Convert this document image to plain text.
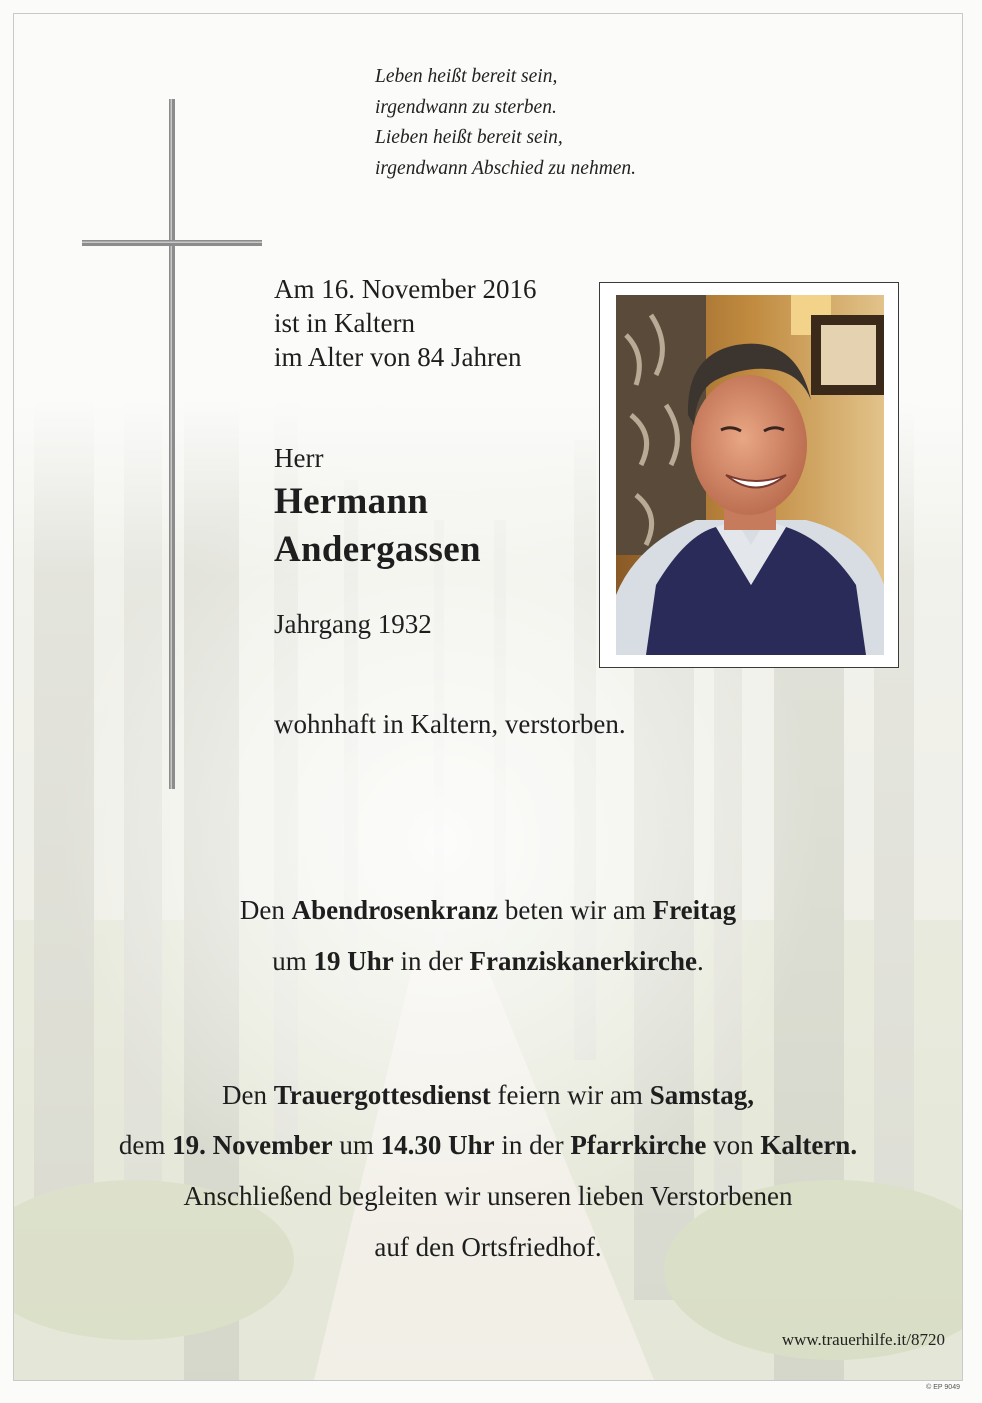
Leben heißt bereit sein,
irgendwann zu sterben.
Lieben heißt bereit sein,
irgendwann Abschied zu nehmen.
Am 16. November 2016
ist in Kaltern
im Alter von 84 Jahren
Herr
Hermann
Andergassen
Jahrgang 1932
wohnhaft in Kaltern, verstorben.
Den Abendrosenkranz beten wir am Freitag
um 19 Uhr in der Franziskanerkirche.
Den Trauergottesdienst feiern wir am Samstag,
dem 19. November um 14.30 Uhr in der Pfarrkirche von Kaltern.
Anschließend begleiten wir unseren lieben Verstorbenen
auf den Ortsfriedhof.
www.trauerhilfe.it/8720
© EP 9049
